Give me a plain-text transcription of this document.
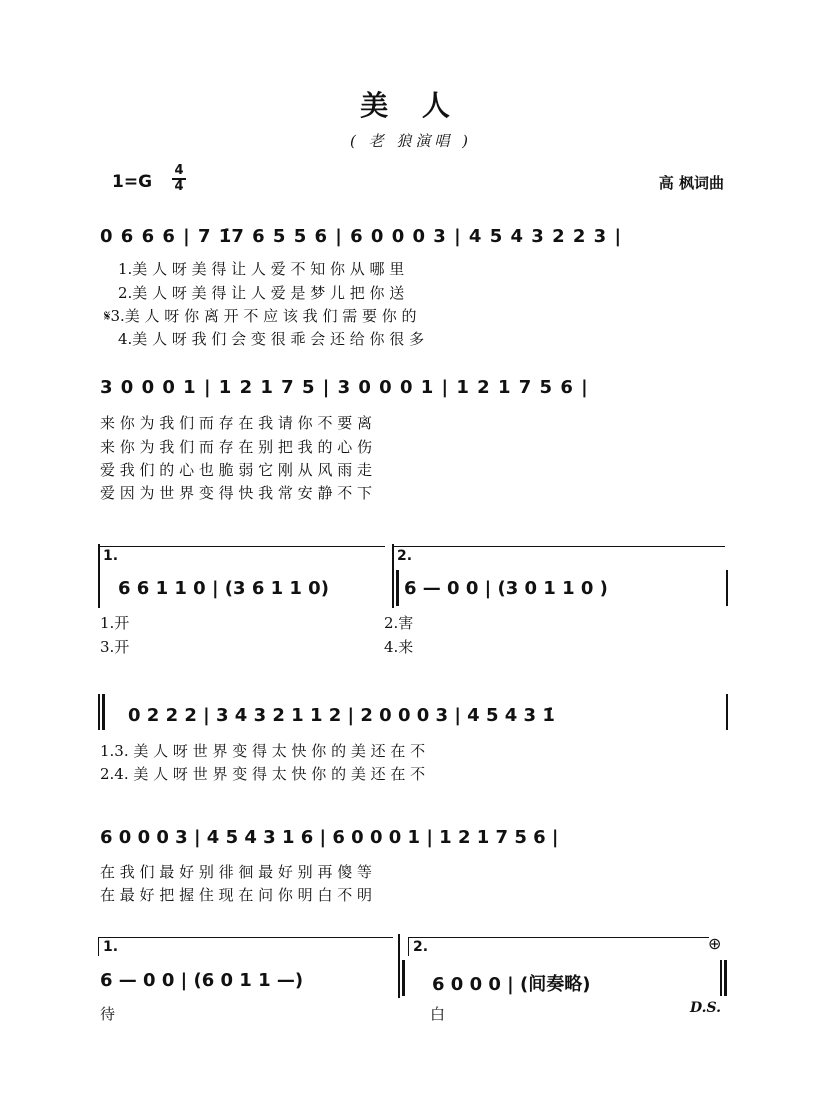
美 人
( 老 狼演唱 )
1=G
4
4	高 枫词曲
0 6 6 6 | 7 1̇7 6 5 5 6 | 6 0 0 0 3 | 4 5 4 3 2 2 3 |
1.美 人 呀 美 得 让 人 爱 不 知 你 从 哪 里
2.美 人 呀 美 得 让 人 爱 是 梦 儿 把 你 送
𝄋3.美 人 呀 你 离 开 不 应 该 我 们 需 要 你 的
4.美 人 呀 我 们 会 变 很 乖 会 还 给 你 很 多
3 0 0 0 1 | 1 2 1 7 5 | 3 0 0 0 1 | 1 2 1 7 5 6 |
来 你 为 我 们 而 存 在 我 请 你 不 要 离
来 你 为 我 们 而 存 在 别 把 我 的 心 伤
爱 我 们 的 心 也 脆 弱 它 刚 从 风 雨 走
爱 因 为 世 界 变 得 快 我 常 安 静 不 下
1.	2.
6 6 1 1 0 | (3 6 1 1 0)	6 — 0 0 | (3 0 1 1 0 )
1.开
3.开
2.害
4.来
0 2 2 2 | 3 4 3 2 1 1 2 | 2 0 0 0 3 | 4 5 4 3 1̇
1.3. 美 人 呀 世 界 变 得 太 快 你 的 美 还 在 不
2.4. 美 人 呀 世 界 变 得 太 快 你 的 美 还 在 不
6 0 0 0 3 | 4 5 4 3 1 6 | 6 0 0 0 1 | 1 2 1 7 5 6 |
在 我 们 最 好 别 徘 徊 最 好 别 再 傻 等
在 最 好 把 握 住 现 在 问 你 明 白 不 明
1.	2.	⊕
6 — 0 0 | (6 0 1 1 —)	6 0 0 0 | (间奏略)
待	白	D.S.
